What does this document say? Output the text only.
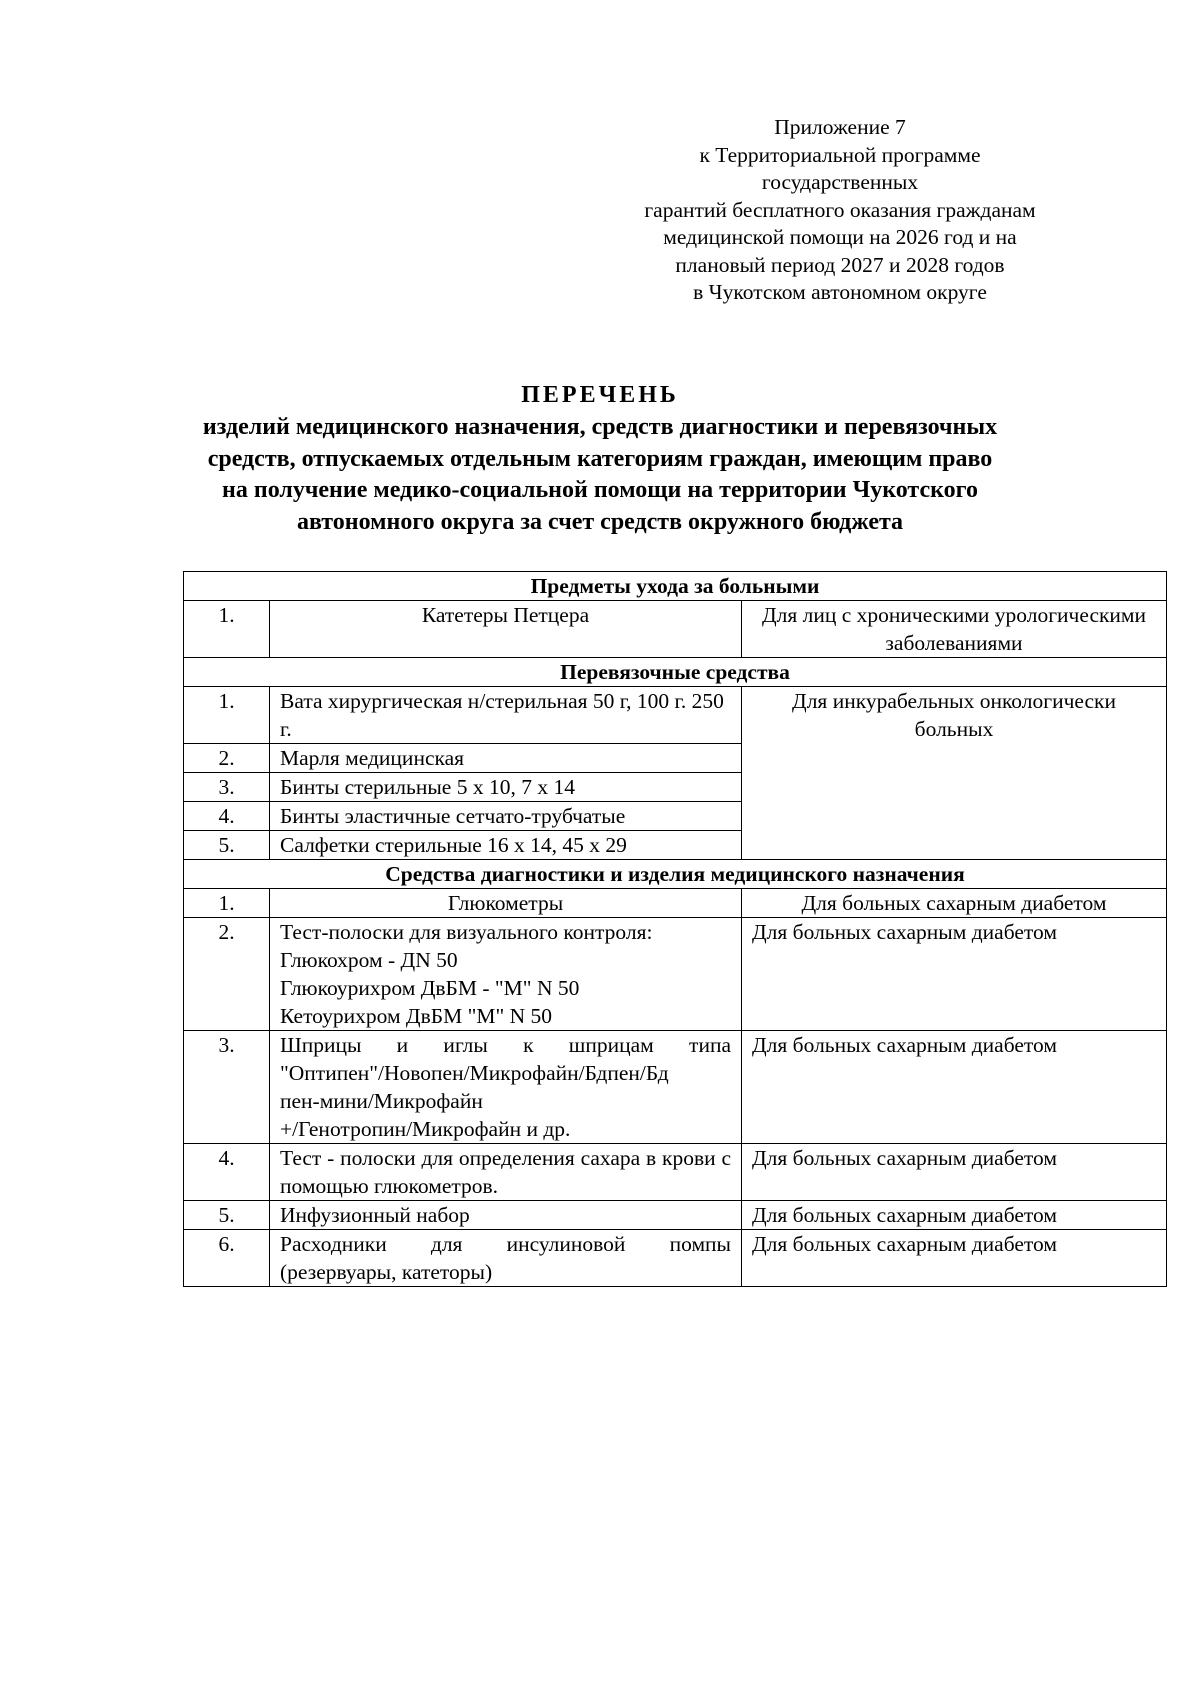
Приложение 7
к Территориальной программе
государственных
гарантий бесплатного оказания гражданам
медицинской помощи на 2026 год и на
плановый период 2027 и 2028 годов
в Чукотском автономном округе
ПЕРЕЧЕНЬ
изделий медицинского назначения, средств диагностики и перевязочных
средств, отпускаемых отдельным категориям граждан, имеющим право
на получение медико-социальной помощи на территории Чукотского
автономного округа за счет средств окружного бюджета
Предметы ухода за больными		
1.	Катетеры Петцера	Для лиц с хроническими урологическими заболеваниями
Перевязочные средства		
1.	Вата хирургическая н/стерильная 50 г, 100 г. 250 г.	Для инкурабельных онкологически больных
2.	Марля медицинская	
3.	Бинты стерильные 5 х 10, 7 х 14	
4.	Бинты эластичные сетчато-трубчатые	
5.	Салфетки стерильные 16 х 14, 45 х 29	
Средства диагностики и изделия медицинского назначения		
1.	Глюкометры	Для больных сахарным диабетом
2.	Тест-полоски для визуального контроля:
Глюкохром - ДN 50
Глюкоурихром ДвБМ - "M" N 50
Кетоурихром ДвБМ "M" N 50	Для больных сахарным диабетом
3.	Шприцы и иглы к шприцам типа
"Оптипен"/Новопен/Микрофайн/Бдпен/Бд
пен-мини/Микрофайн
+/Генотропин/Микрофайн и др.	Для больных сахарным диабетом
4.	Тест - полоски для определения сахара в крови с помощью глюкометров.	Для больных сахарным диабетом
5.	Инфузионный набор	Для больных сахарным диабетом
6.	Расходники для инсулиновой помпы (резервуары, катеторы)	Для больных сахарным диабетом
